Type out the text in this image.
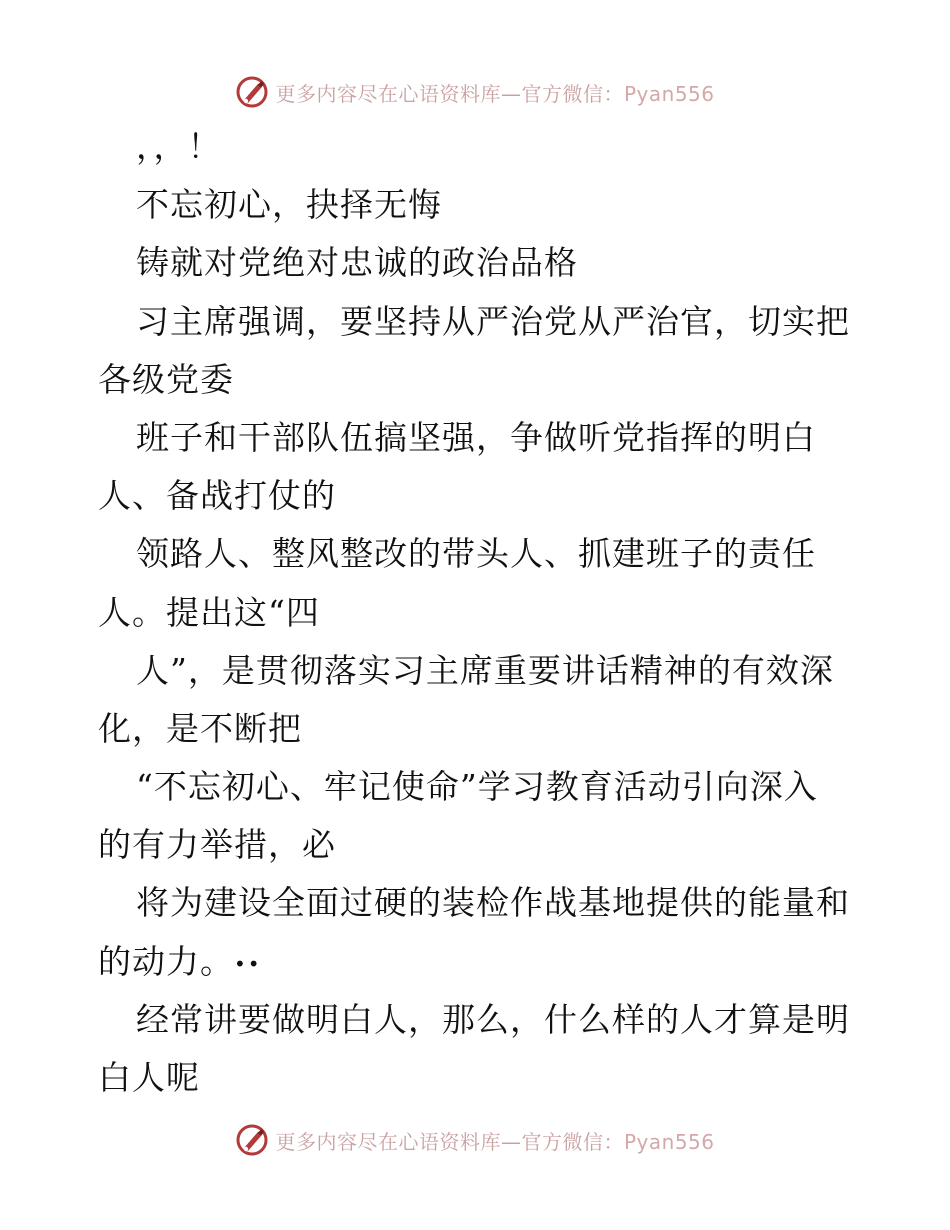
更多内容尽在心语资料库—官方微信：Pyan556
，，！
不忘初心，抉择无悔
铸就对党绝对忠诚的政治品格
习主席强调，要坚持从严治党从严治官，切实把
各级党委
班子和干部队伍搞坚强，争做听党指挥的明白
人、备战打仗的
领路人、整风整改的带头人、抓建班子的责任
人。提出这“四
人”，是贯彻落实习主席重要讲话精神的有效深
化，是不断把
“不忘初心、牢记使命”学习教育活动引向深入
的有力举措，必
将为建设全面过硬的装检作战基地提供的能量和
的动力。••
经常讲要做明白人，那么，什么样的人才算是明
白人呢
更多内容尽在心语资料库—官方微信：Pyan556
